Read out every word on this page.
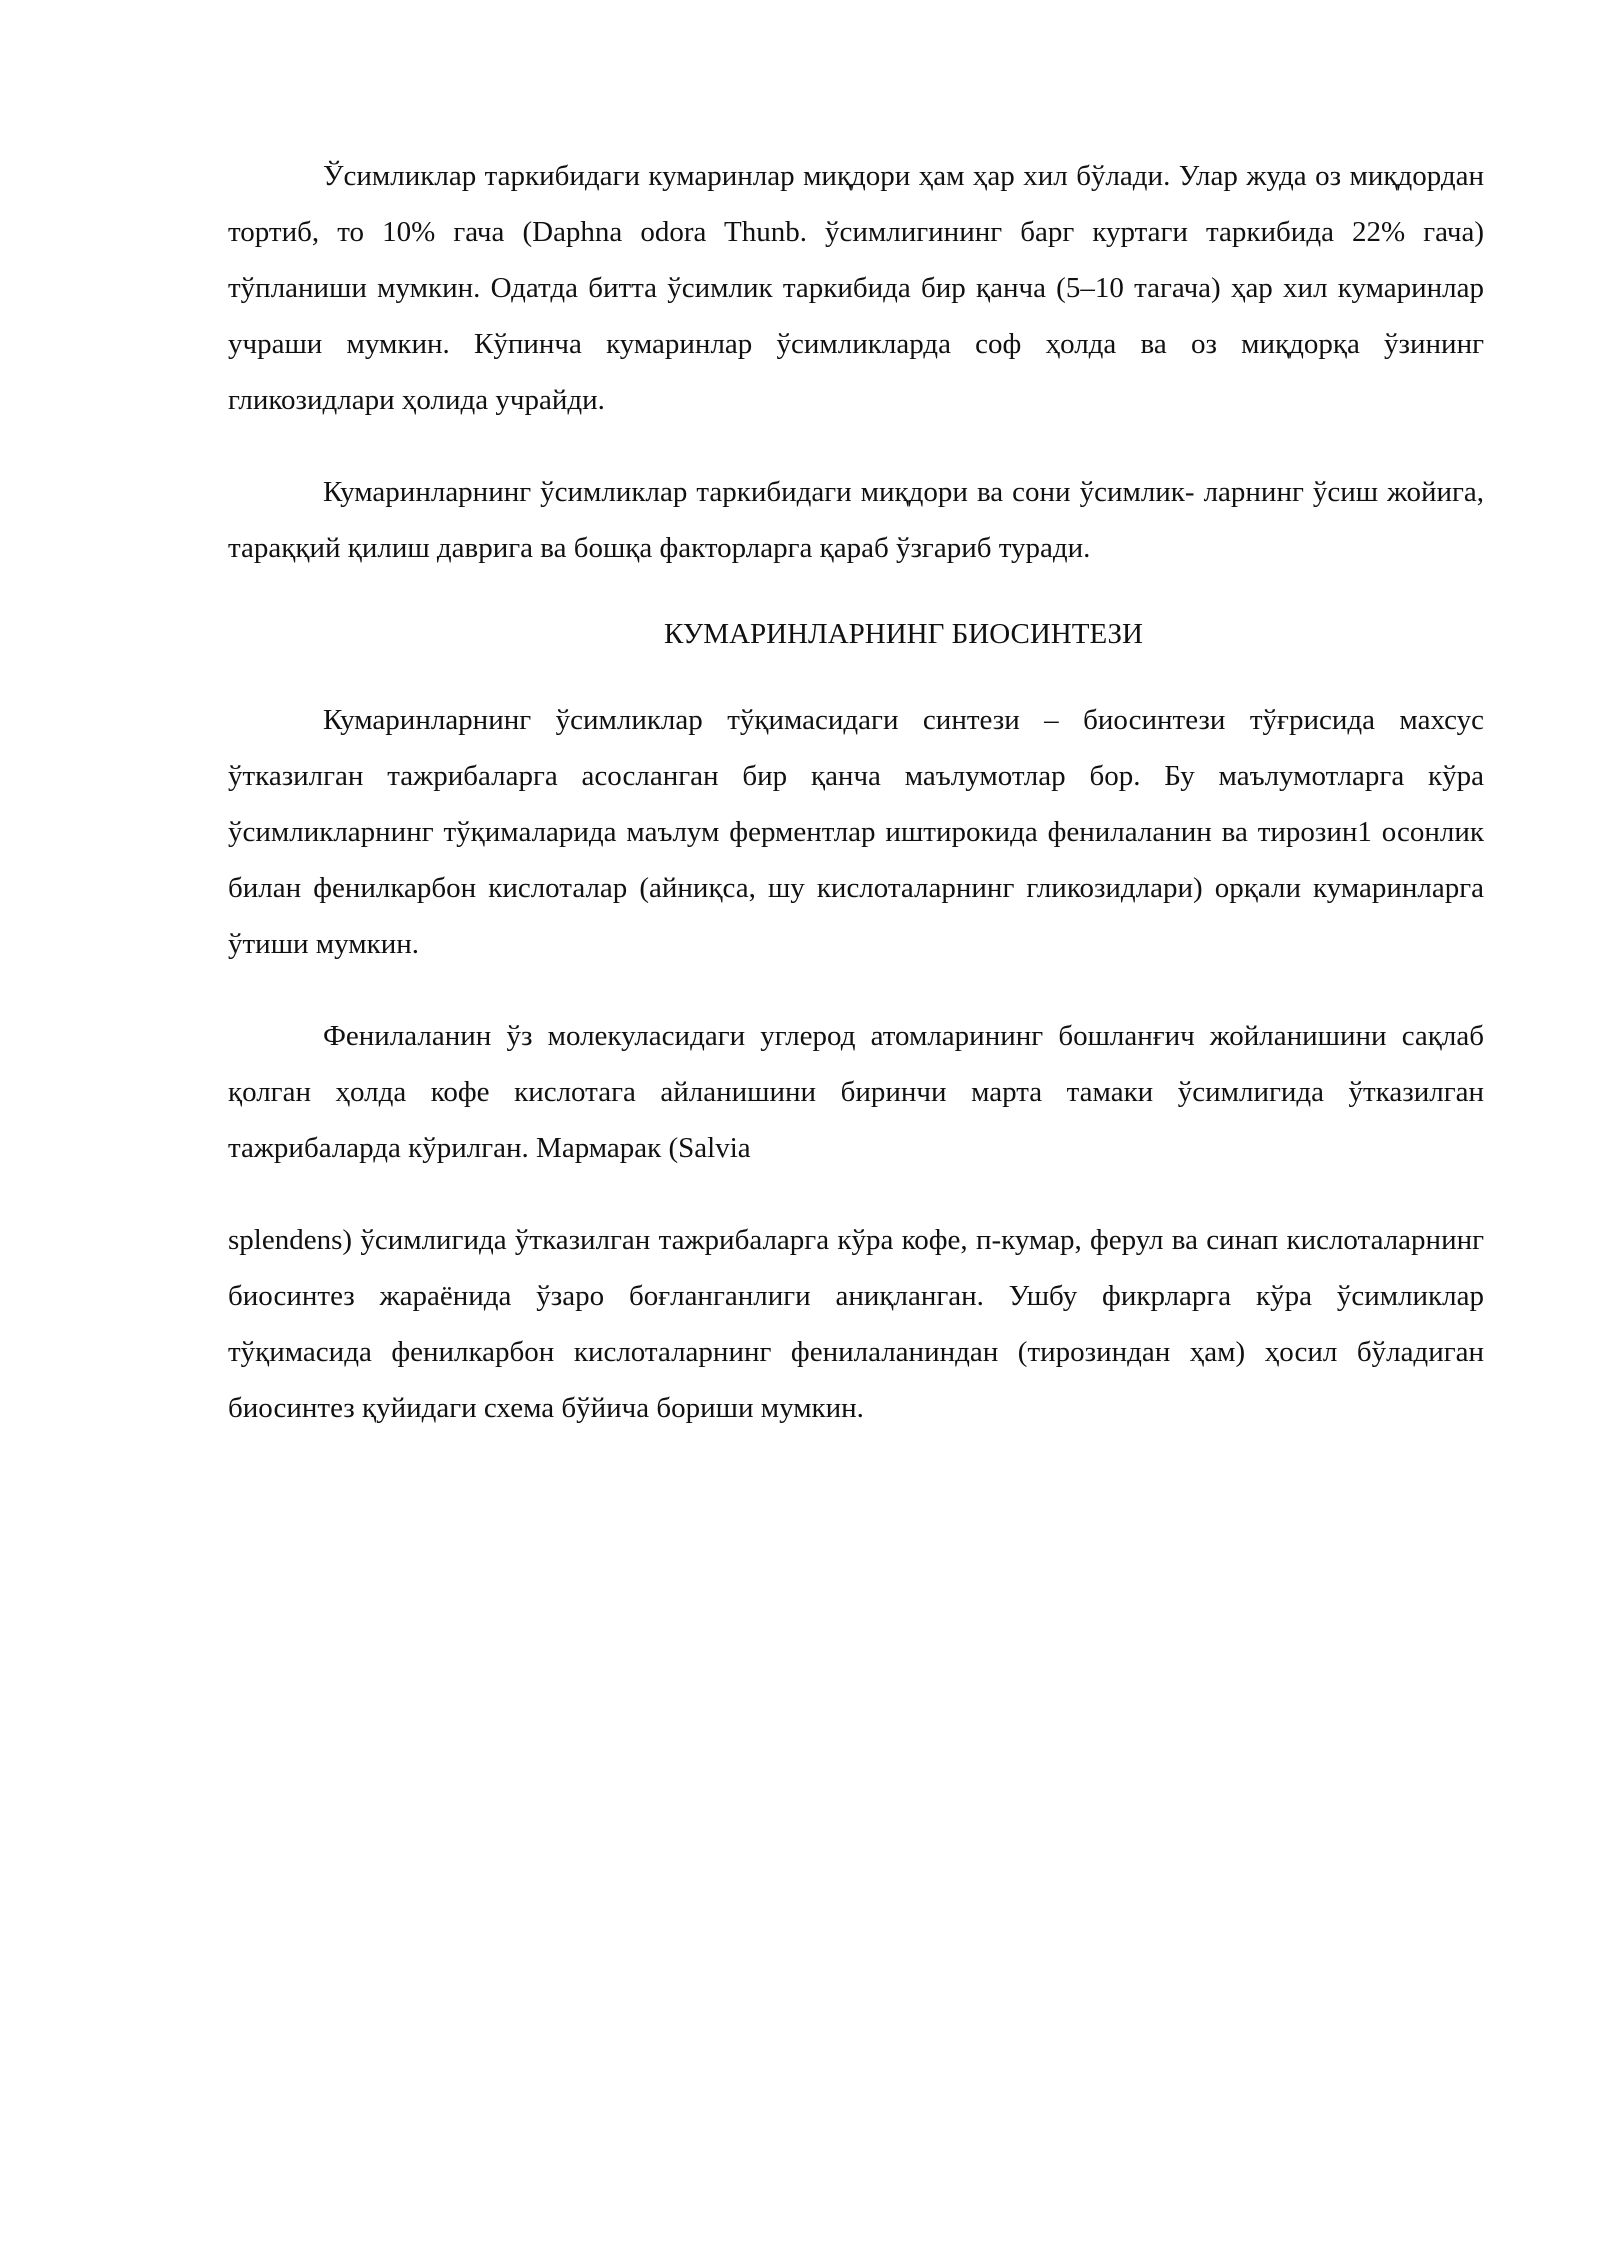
Ўсимликлар таркибидаги кумаринлар миқдори ҳам ҳар хил бўлади. Улар жуда оз миқдордан тортиб, то 10% гача (Daphna odora Thunb. ўсимлигининг барг куртаги таркибида 22% гача) тўпланиши мумкин. Одатда битта ўсимлик таркибида бир қанча (5–10 тагача) ҳар хил кумаринлар учраши мумкин. Кўпинча кумаринлар ўсимликларда соф ҳолда ва оз миқдорқа ўзининг гликозидлари ҳолида учрайди.

Кумаринларнинг ўсимликлар таркибидаги миқдори ва сони ўсимлик- ларнинг ўсиш жойига, тараққий қилиш даврига ва бошқа факторларга қараб ўзгариб туради.

КУМАРИНЛАРНИНГ БИОСИНТЕЗИ

Кумаринларнинг ўсимликлар тўқимасидаги синтези – биосинтези тўғрисида махсус ўтказилган тажрибаларга асосланган бир қанча маълумотлар бор. Бу маълумотларга кўра ўсимликларнинг тўқималарида маълум ферментлар иштирокида фенилаланин ва тирозин1 осонлик билан фенилкарбон кислоталар (айниқса, шу кислоталарнинг гликозидлари) орқали кумаринларга ўтиши мумкин.

Фенилаланин ўз молекуласидаги углерод атомларининг бошланғич жойланишини сақлаб қолган ҳолда кофе кислотага айланишини биринчи марта тамаки ўсимлигида ўтказилган тажрибаларда кўрилган. Мармарак (Salvia

splendens) ўсимлигида ўтказилган тажрибаларга кўра кофе, п-кумар, ферул ва синап кислоталарнинг биосинтез жараёнида ўзаро боғланганлиги аниқланган. Ушбу фикрларга кўра ўсимликлар тўқимасида фенилкарбон кислоталарнинг фенилаланиндан (тирозиндан ҳам) ҳосил бўладиган биосинтез қуйидаги схема бўйича бориши мумкин.
